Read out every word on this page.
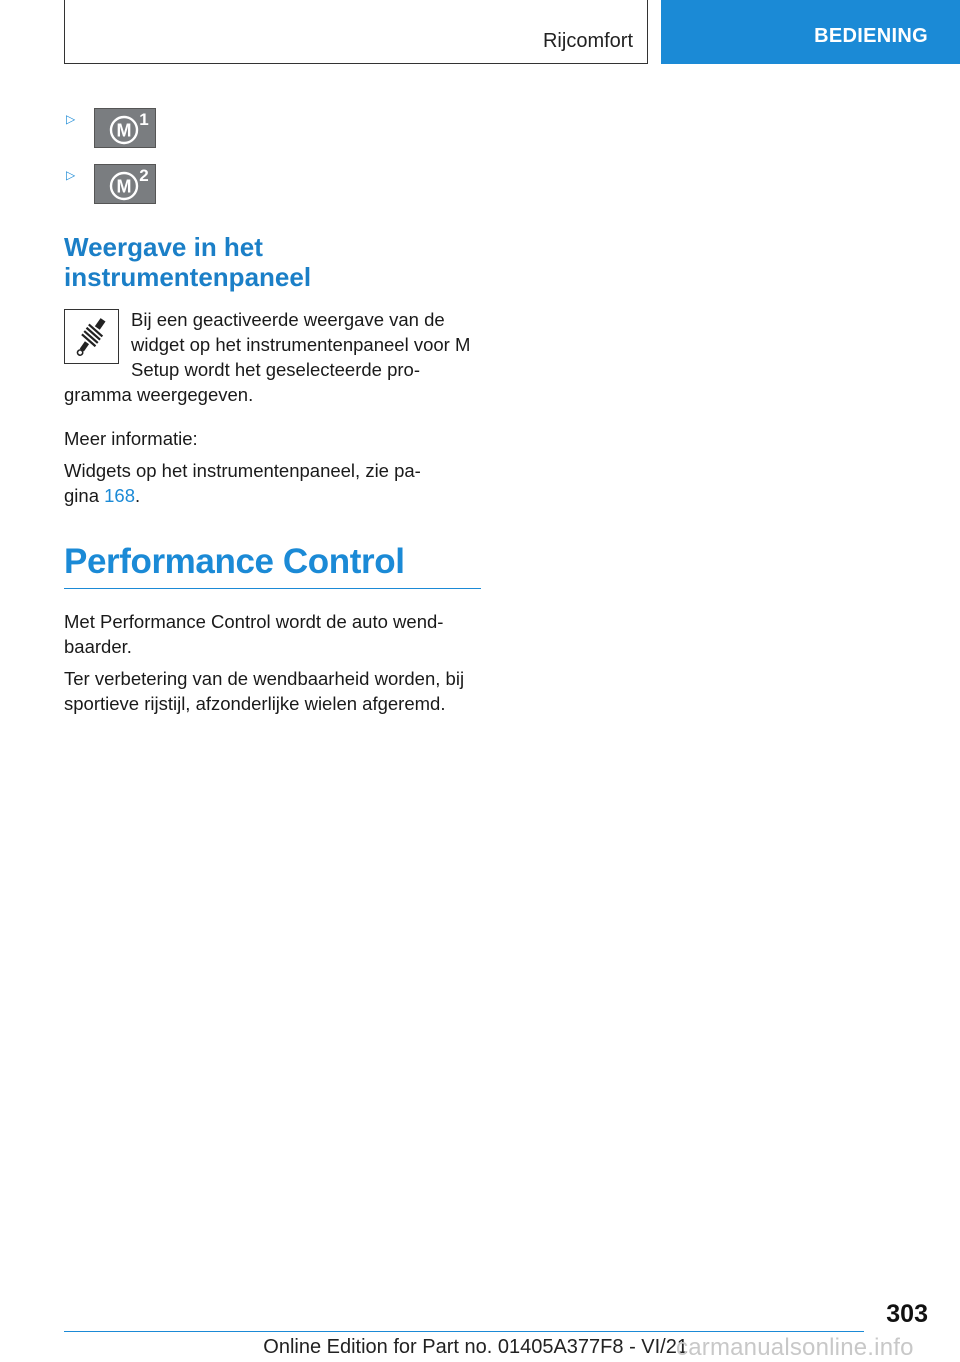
Rijcomfort	BEDIENING
▷
M
1
▷
M
2
Weergave in het instrumentenpaneel

Bij een geactiveerde weergave van de widget op het instrumentenpaneel voor M Setup wordt het geselecteerde pro-

gramma weergegeven.

Meer informatie:

Widgets op het instrumentenpaneel, zie pa- gina 168.

Performance Control

Met Performance Control wordt de auto wend- baarder.

Ter verbetering van de wendbaarheid worden, bij sportieve rijstijl, afzonderlijke wielen afgeremd.

303
Online Edition for Part no. 01405A377F8 - VI/21
carmanualsonline.info
